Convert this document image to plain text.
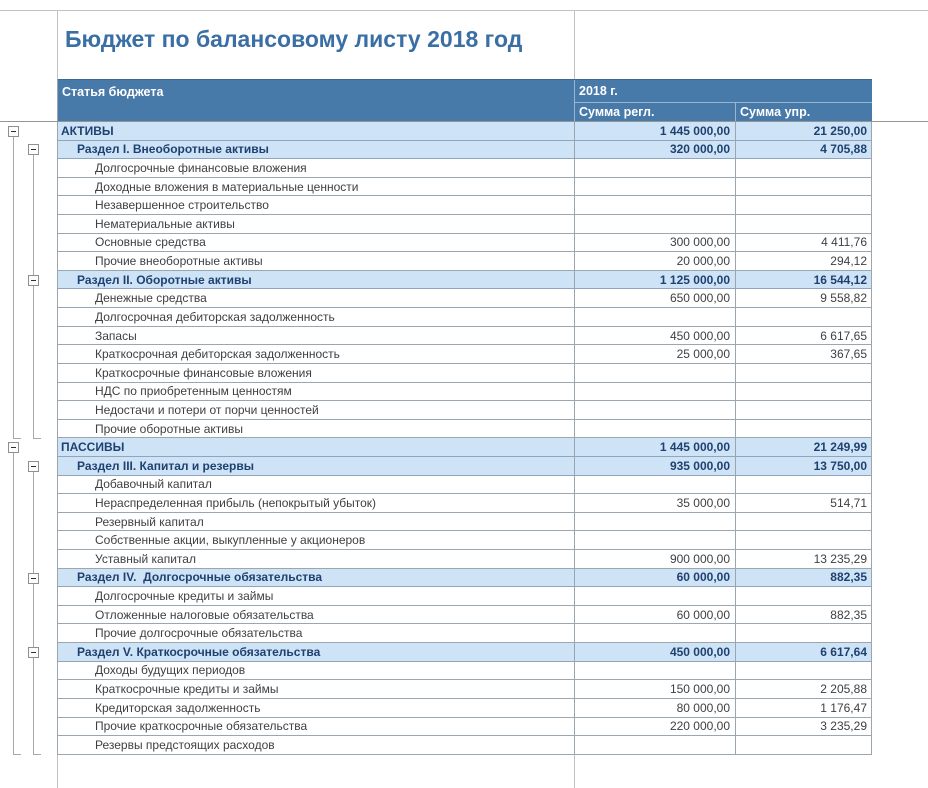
Бюджет по балансовому листу 2018 год
Статья бюджета	2018 г.
Сумма регл.	Сумма упр.
АКТИВЫ	1 445 000,00	21 250,00
Раздел I. Внеоборотные активы	320 000,00	4 705,88
Долгосрочные финансовые вложения
Доходные вложения в материальные ценности
Незавершенное строительство
Нематериальные активы
Основные средства	300 000,00	4 411,76
Прочие внеоборотные активы	20 000,00	294,12
Раздел II. Оборотные активы	1 125 000,00	16 544,12
Денежные средства	650 000,00	9 558,82
Долгосрочная дебиторская задолженность
Запасы	450 000,00	6 617,65
Краткосрочная дебиторская задолженность	25 000,00	367,65
Краткосрочные финансовые вложения
НДС по приобретенным ценностям
Недостачи и потери от порчи ценностей
Прочие оборотные активы
ПАССИВЫ	1 445 000,00	21 249,99
Раздел III. Капитал и резервы	935 000,00	13 750,00
Добавочный капитал
Нераспределенная прибыль (непокрытый убыток)	35 000,00	514,71
Резервный капитал
Собственные акции, выкупленные у акционеров
Уставный капитал	900 000,00	13 235,29
Раздел IV.  Долгосрочные обязательства	60 000,00	882,35
Долгосрочные кредиты и займы
Отложенные налоговые обязательства	60 000,00	882,35
Прочие долгосрочные обязательства
Раздел V. Краткосрочные обязательства	450 000,00	6 617,64
Доходы будущих периодов
Краткосрочные кредиты и займы	150 000,00	2 205,88
Кредиторская задолженность	80 000,00	1 176,47
Прочие краткосрочные обязательства	220 000,00	3 235,29
Резервы предстоящих расходов
